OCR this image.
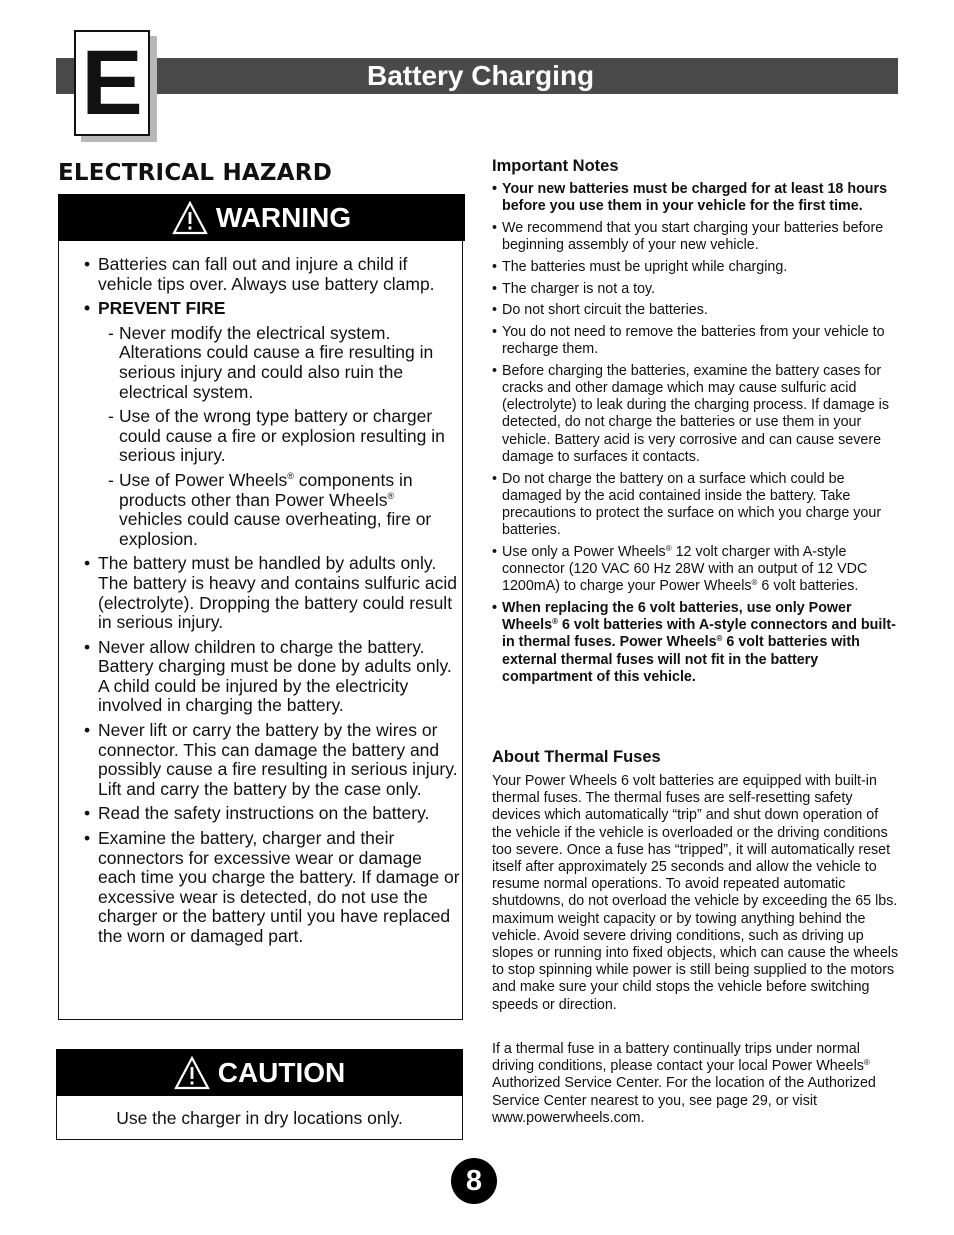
Battery Charging
E
ELECTRICAL HAZARD
WARNING
• Batteries can fall out and injure a child if vehicle tips over. Always use battery clamp.
• PREVENT FIRE
- Never modify the electrical system. Alterations could cause a fire resulting in serious injury and could also ruin the electrical system.
- Use of the wrong type battery or charger could cause a fire or explosion resulting in serious injury.
- Use of Power Wheels® components in products other than Power Wheels® vehicles could cause overheating, fire or explosion.
• The battery must be handled by adults only. The battery is heavy and contains sulfuric acid (electrolyte). Dropping the battery could result in serious injury.
• Never allow children to charge the battery. Battery charging must be done by adults only. A child could be injured by the electricity involved in charging the battery.
• Never lift or carry the battery by the wires or connector. This can damage the battery and possibly cause a fire resulting in serious injury. Lift and carry the battery by the case only.
• Read the safety instructions on the battery.
• Examine the battery, charger and their connectors for excessive wear or damage each time you charge the battery. If damage or excessive wear is detected, do not use the charger or the battery until you have replaced the worn or damaged part.
CAUTION
Use the charger in dry locations only.
Important Notes
• Your new batteries must be charged for at least 18 hours before you use them in your vehicle for the first time.
• We recommend that you start charging your batteries before beginning assembly of your new vehicle.
• The batteries must be upright while charging.
• The charger is not a toy.
• Do not short circuit the batteries.
• You do not need to remove the batteries from your vehicle to recharge them.
• Before charging the batteries, examine the battery cases for cracks and other damage which may cause sulfuric acid (electrolyte) to leak during the charging process. If damage is detected, do not charge the batteries or use them in your vehicle. Battery acid is very corrosive and can cause severe damage to surfaces it contacts.
• Do not charge the battery on a surface which could be damaged by the acid contained inside the battery. Take precautions to protect the surface on which you charge your batteries.
• Use only a Power Wheels® 12 volt charger with A-style connector (120 VAC 60 Hz 28W with an output of 12 VDC 1200mA) to charge your Power Wheels® 6 volt batteries.
• When replacing the 6 volt batteries, use only Power Wheels® 6 volt batteries with A-style connectors and built-in thermal fuses. Power Wheels® 6 volt batteries with external thermal fuses will not fit in the battery compartment of this vehicle.
About Thermal Fuses
Your Power Wheels 6 volt batteries are equipped with built-in thermal fuses. The thermal fuses are self-resetting safety devices which automatically “trip” and shut down operation of the vehicle if the vehicle is overloaded or the driving conditions too severe. Once a fuse has “tripped”, it will automatically reset itself after approximately 25 seconds and allow the vehicle to resume normal operations. To avoid repeated automatic shutdowns, do not overload the vehicle by exceeding the 65 lbs. maximum weight capacity or by towing anything behind the vehicle. Avoid severe driving conditions, such as driving up slopes or running into fixed objects, which can cause the wheels to stop spinning while power is still being supplied to the motors and make sure your child stops the vehicle before switching speeds or direction.
If a thermal fuse in a battery continually trips under normal driving conditions, please contact your local Power Wheels® Authorized Service Center. For the location of the Authorized Service Center nearest to you, see page 29, or visit www.powerwheels.com.
8
